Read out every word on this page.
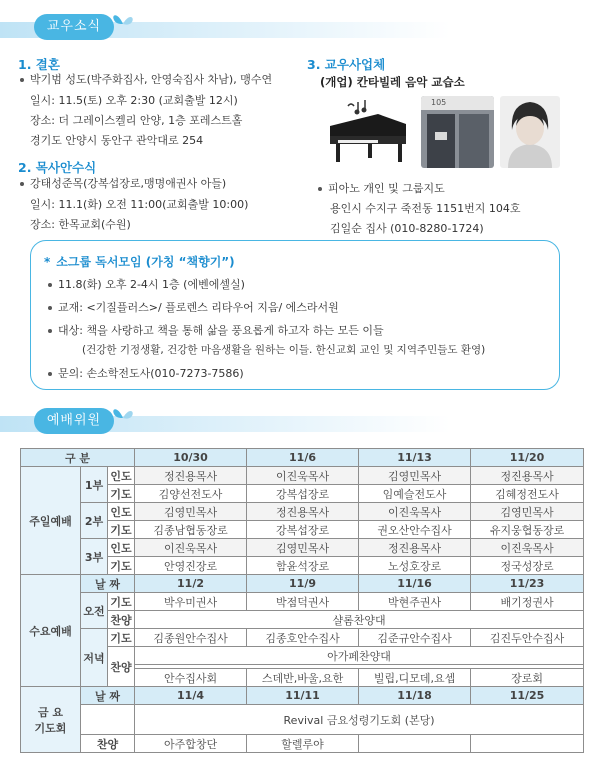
교우소식
1. 결혼
박기범 성도(박주화집사, 안영숙집사 차남), 맹수연
일시: 11.5(토) 오후 2:30 (교회출발 12시)
장소: 더 그레이스켈리 안양, 1층 포레스트홀
경기도 안양시 동안구 관악대로 254
2. 목사안수식
강태성준목(강복섭장로,맹명애권사 아들)
일시: 11.1(화) 오전 11:00(교회출발 10:00)
장소: 한목교회(수원)
3. 교우사업체
(개업) 칸타빌레 음악 교습소
105
피아노 개인 및 그룹지도
용인시 수지구 죽전동 1151번지 104호
김일순 집사 (010-8280-1724)
* 소그룹 독서모임 (가칭 “책향기”)
11.8(화) 오후 2-4시 1층 (에벤에셀실)
교재: <기질플러스>/ 플로렌스 리타우어 지음/ 에스라서원
대상: 책을 사랑하고 책을 통해 삶을 풍요롭게 하고자 하는 모든 이들
(건강한 기정생활, 건강한 마음생활을 원하는 이들. 한신교회 교인 및 지역주민들도 환영)
문의: 손소학전도사(010-7273-7586)
예배위원
구 분			10/30	11/6	11/13	11/20
주일예배	1부	인도	정진용목사	이진욱목사	김영민목사	정진용목사
		기도	김양선전도사	강복섭장로	임예슬전도사	김혜정전도사
	2부	인도	김영민목사	정진용목사	이진욱목사	김영민목사
		기도	김종남협동장로	강복섭장로	권오산안수집사	유지웅협동장로
	3부	인도	이진욱목사	김영민목사	정진용목사	이진욱목사
		기도	안영진장로	함윤석장로	노성호장로	정국성장로
수요예배	날 짜		11/2	11/9	11/16	11/23
	오전	기도	박우미권사	박점덕권사	박현주권사	배기정권사
		찬양	샬롬찬양대			
	저녁	기도	김종원안수집사	김종호안수집사	김준규안수집사	김진두안수집사
		찬양	아가페찬양대			

			안수집사회	스데반,바울,요한	빌립,디모데,요셉	장로회
금 요
기도회	날 짜		11/4	11/11	11/18	11/25
			Revival 금요성령기도회 (본당)			
	찬양		아주합창단	할렐루야		
